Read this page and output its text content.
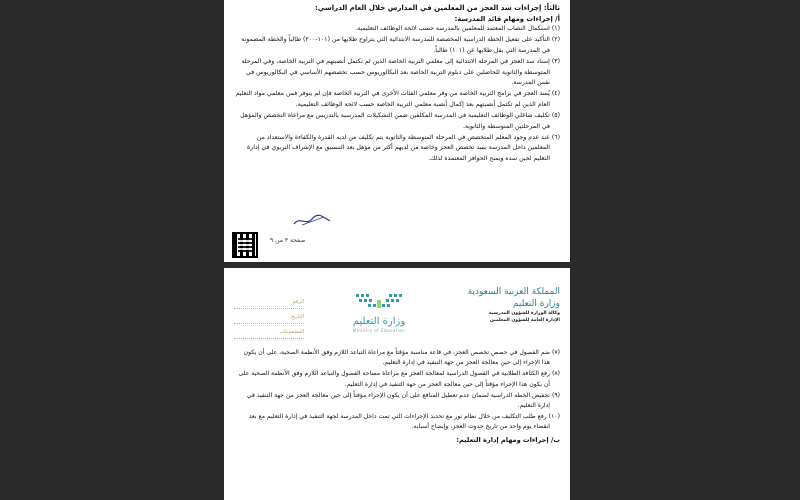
ثالثاً: إجراءات سد العجز من المعلمين في المدارس خلال العام الدراسي:
أ/ إجراءات ومهام قائد المدرسة:
(١) استكمال النصاب المعتمد للمعلمين بالمدرسة حسب لائحة الوظائف التعليمية.
(٢) التأكيد على تفعيل الخطة الدراسية المخصصة للمدرسة الابتدائية التي يتراوح طلابها من (١٠١-٢٠٠) طالباً والخطة المضمونة في المدرسة التي يقل طلابها عن (١٠١) طالباً.
(٣) إسناد سد العجز في المرحلة الابتدائية إلى معلمي التربية الخاصة الذين لم تكتمل أنصبتهم في التربية الخاصة، وفي المرحلة المتوسطة والثانوية للحاصلين على دبلوم التربية الخاصة بعد البكالوريوس حسب تخصصهم الأساسي في البكالوريوس في نفس المدرسة.
(٤) يُسد العجز في برامج التربية الخاصة من وفر معلمي الفئات الأخرى في التربية الخاصة فإن لم يتوفر فمن معلمي مواد التعليم العام الذين لم تكتمل أنصبتهم بعد إكمال أنصبة معلمي التربية الخاصة حسب لائحة الوظائف التعليمية.
(٥) تكليف شاغلي الوظائف التعليمية في المدرسة المكلفين ضمن التشكيلات المدرسية بالتدريس مع مراعاة التخصص والمؤهل في المرحلتين المتوسطة والثانوية.
(٦) عند عدم وجود المعلم المتخصص في المرحلة المتوسطة والثانوية يتم تكليف من لديه القدرة والكفاءة والاستعداد من المعلمين داخل المدرسة بسد تخصص العجز وخاصة من لديهم أكثر من مؤهل بعد التنسيق مع الإشراف التربوي في إدارة التعليم لحين سده ويمنح الحوافز المعتمدة لذلك.
صفحة ٣ من ٩
المملكة العربية السعودية
وزارة التعليم
وكالة الوزارة للشؤون المدرسية
الإدارة العامة للشؤون المعلمين
وزارة التعليم
Ministry of Education
الرقم
التاريخ
المشفوعات
(٧) ضم الفصول في حصص تخصص العجز، في قاعة مناسبة مؤقتاً مع مراعاة التباعد اللازم وفق الأنظمة الصحية، على أن يكون هذا الإجراء إلى حين معالجة العجز من جهة التنفيذ في إدارة التعليم.
(٨) رفع الكثافة الطلابية في الفصول الدراسية لمعالجة العجز مع مراعاة مساحة الفصول والتباعد اللازم وفق الأنظمة الصحية على أن يكون هذا الإجراء مؤقتاً إلى حين معالجة العجز من جهة التنفيذ في إدارة التعليم.
(٩) تخفيض الخطة الدراسية لضمان عدم تعطيل المنافع على أن يكون الإجراء مؤقتاً إلى حين معالجة العجز من جهة التنفيذ في إدارة التعليم.
(١٠) رفع طلب التكليف من خلال نظام نور مع تحديد الإجراءات التي تمت داخل المدرسة لجهة التنفيذ في إدارة التعليم مع بعد انقضاء يوم واحد من تاريخ حدوث العجز، وإيضاح أسبابه.
ب/ إجراءات ومهام إدارة التعليم:
